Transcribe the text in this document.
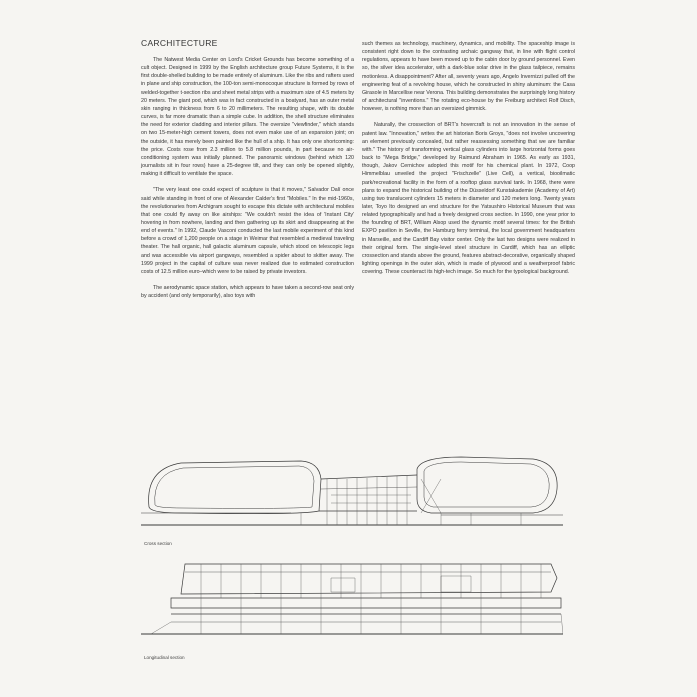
CARCHITECTURE

The Natwest Media Center on Lord's Cricket Grounds has become something of a cult object. Designed in 1999 by the English architecture group Future Systems, it is the first double-shelled building to be made entirely of aluminum. Like the ribs and rafters used in plane and ship construction, the 100-ton semi-monocoque structure is formed by rows of welded-together t-section ribs and sheet metal strips with a maximum size of 4.5 meters by 20 meters. The giant pod, which was in fact constructed in a boatyard, has an outer metal skin ranging in thickness from 6 to 20 millimeters. The resulting shape, with its double curves, is far more dramatic than a simple cube. In addition, the shell structure eliminates the need for exterior cladding and interior pillars. The oversize "viewfinder," which stands on two 15-meter-high cement towers, does not even make use of an expansion joint; on the outside, it has merely been painted like the hull of a ship. It has only one shortcoming: the price. Costs rose from 2.3 million to 5.8 million pounds, in part because no air-conditioning system was initially planned. The panoramic windows (behind which 120 journalists sit in four rows) have a 25-degree tilt, and they can only be opened slightly, making it difficult to ventilate the space.

"The very least one could expect of sculpture is that it moves," Salvador Dalí once said while standing in front of one of Alexander Calder's first "Mobiles." In the mid-1960s, the revolutionaries from Archigram sought to escape this dictate with architectural mobiles that one could fly away on like airships: "We couldn't resist the idea of 'Instant City' hovering in from nowhere, landing and then gathering up its skirt and disappearing at the end of events." In 1992, Claude Vasconi conducted the last mobile experiment of this kind before a crowd of 1,200 people on a stage in Weimar that resembled a medieval traveling theater. The hall organic, hall galactic aluminum capsule, which stood on telescopic legs and was accessible via airport gangways, resembled a spider about to skitter away. The 1999 project in the capital of culture was never realized due to estimated construction costs of 12.5 million euro–which were to be raised by private investors.

The aerodynamic space station, which appears to have taken a second-row seat only by accident (and only temporarily), also toys with

such themes as technology, machinery, dynamics, and mobility. The spaceship image is consistent right down to the contrasting archaic gangway that, in line with flight control regulations, appears to have been moved up to the cabin door by ground personnel. Even so, the silver idea accelerator, with a dark-blue solar drive in the glass tailpiece, remains motionless. A disappointment? After all, seventy years ago, Angelo Invernizzi pulled off the engineering feat of a revolving house, which he constructed in shiny aluminum: the Casa Girasole in Marcellise near Verona. This building demonstrates the surprisingly long history of architectural "inventions." The rotating eco-house by the Freiburg architect Rolf Disch, however, is nothing more than an oversized gimmick.

Naturally, the crossection of BRT's hovercraft is not an innovation in the sense of patent law. "Innovation," writes the art historian Boris Groys, "does not involve uncovering an element previously concealed, but rather reassessing something that we are familiar with." The history of transforming vertical glass cylinders into large horizontal forms goes back to "Mega Bridge," developed by Raimund Abraham in 1965. As early as 1931, though, Jakov Cernichov adopted this motif for his chemical plant. In 1972, Coop Himmelblau unveiled the project "Frischzelle" (Live Cell), a vertical, biooilmatic park/recreational facility in the form of a rooftop glass survival tank. In 1968, there were plans to expand the historical building of the Düsseldorf Kunstakademie (Academy of Art) using two translucent cylinders 15 meters in diameter and 120 meters long. Twenty years later, Toyo Ito designed an end structure for the Yatsushiro Historical Museum that was related typographically and had a freely designed cross section. In 1990, one year prior to the founding of BRT, William Alsop used the dynamic motif several times: for the British EXPO pavilion in Seville, the Hamburg ferry terminal, the local government headquarters in Marseille, and the Cardiff Bay visitor center. Only the last two designs were realized in their original form. The single-level steel structure in Cardiff, which has an elliptic crossection and stands above the ground, features abstract-decorative, organically shaped lighting openings in the outer skin, which is made of plywood and a weatherproof fabric covering. These counteract its high-tech image. So much for the typological background.

Cross section
Longitudinal section
